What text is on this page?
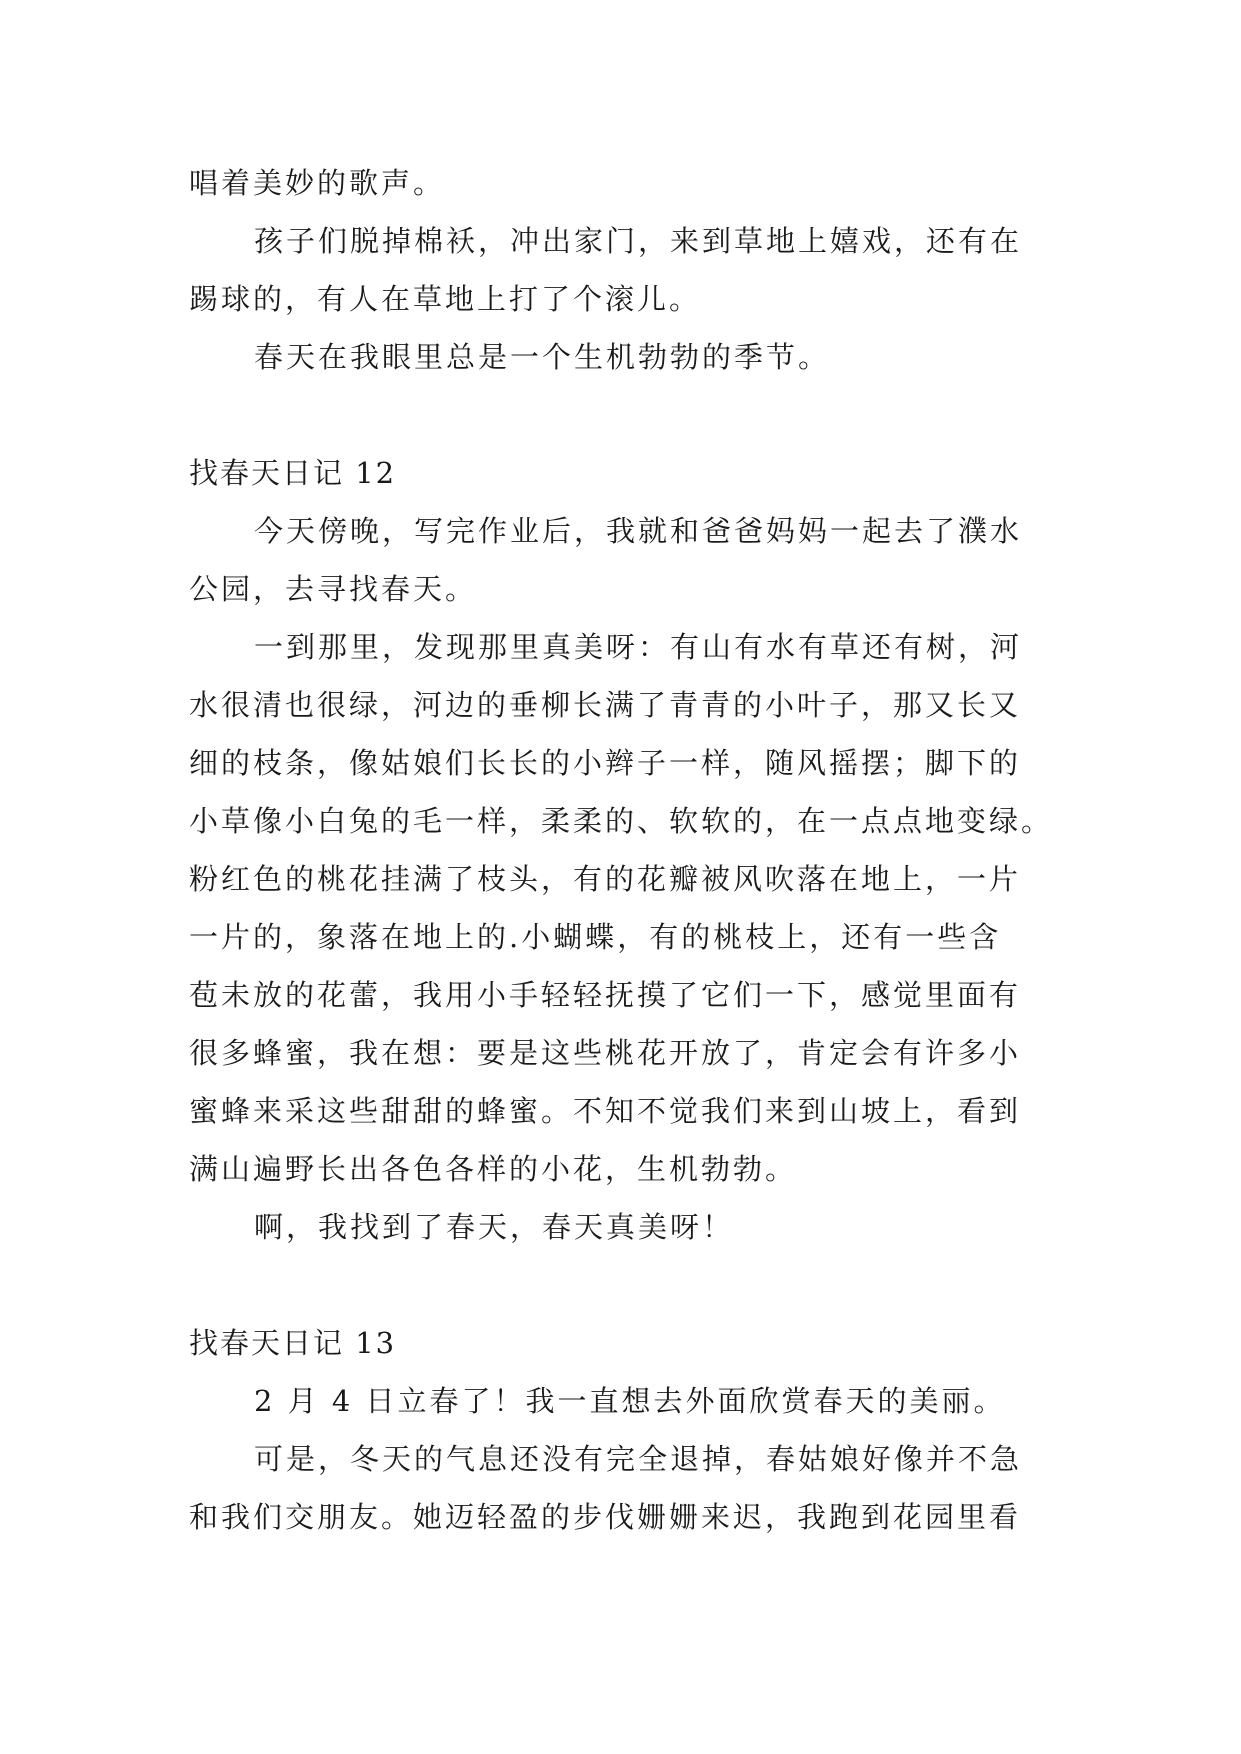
唱着美妙的歌声。
孩子们脱掉棉袄，冲出家门，来到草地上嬉戏，还有在
踢球的，有人在草地上打了个滚儿。
春天在我眼里总是一个生机勃勃的季节。
找春天日记 12
今天傍晚，写完作业后，我就和爸爸妈妈一起去了濮水
公园，去寻找春天。
一到那里，发现那里真美呀：有山有水有草还有树，河
水很清也很绿，河边的垂柳长满了青青的小叶子，那又长又
细的枝条，像姑娘们长长的小辫子一样，随风摇摆；脚下的
小草像小白兔的毛一样，柔柔的、软软的，在一点点地变绿。
粉红色的桃花挂满了枝头，有的花瓣被风吹落在地上，一片
一片的，象落在地上的.小蝴蝶，有的桃枝上，还有一些含
苞未放的花蕾，我用小手轻轻抚摸了它们一下，感觉里面有
很多蜂蜜，我在想：要是这些桃花开放了，肯定会有许多小
蜜蜂来采这些甜甜的蜂蜜。不知不觉我们来到山坡上，看到
满山遍野长出各色各样的小花，生机勃勃。
啊，我找到了春天，春天真美呀！
找春天日记 13
2 月 4 日立春了！我一直想去外面欣赏春天的美丽。
可是，冬天的气息还没有完全退掉，春姑娘好像并不急
和我们交朋友。她迈轻盈的步伐姗姗来迟，我跑到花园里看
